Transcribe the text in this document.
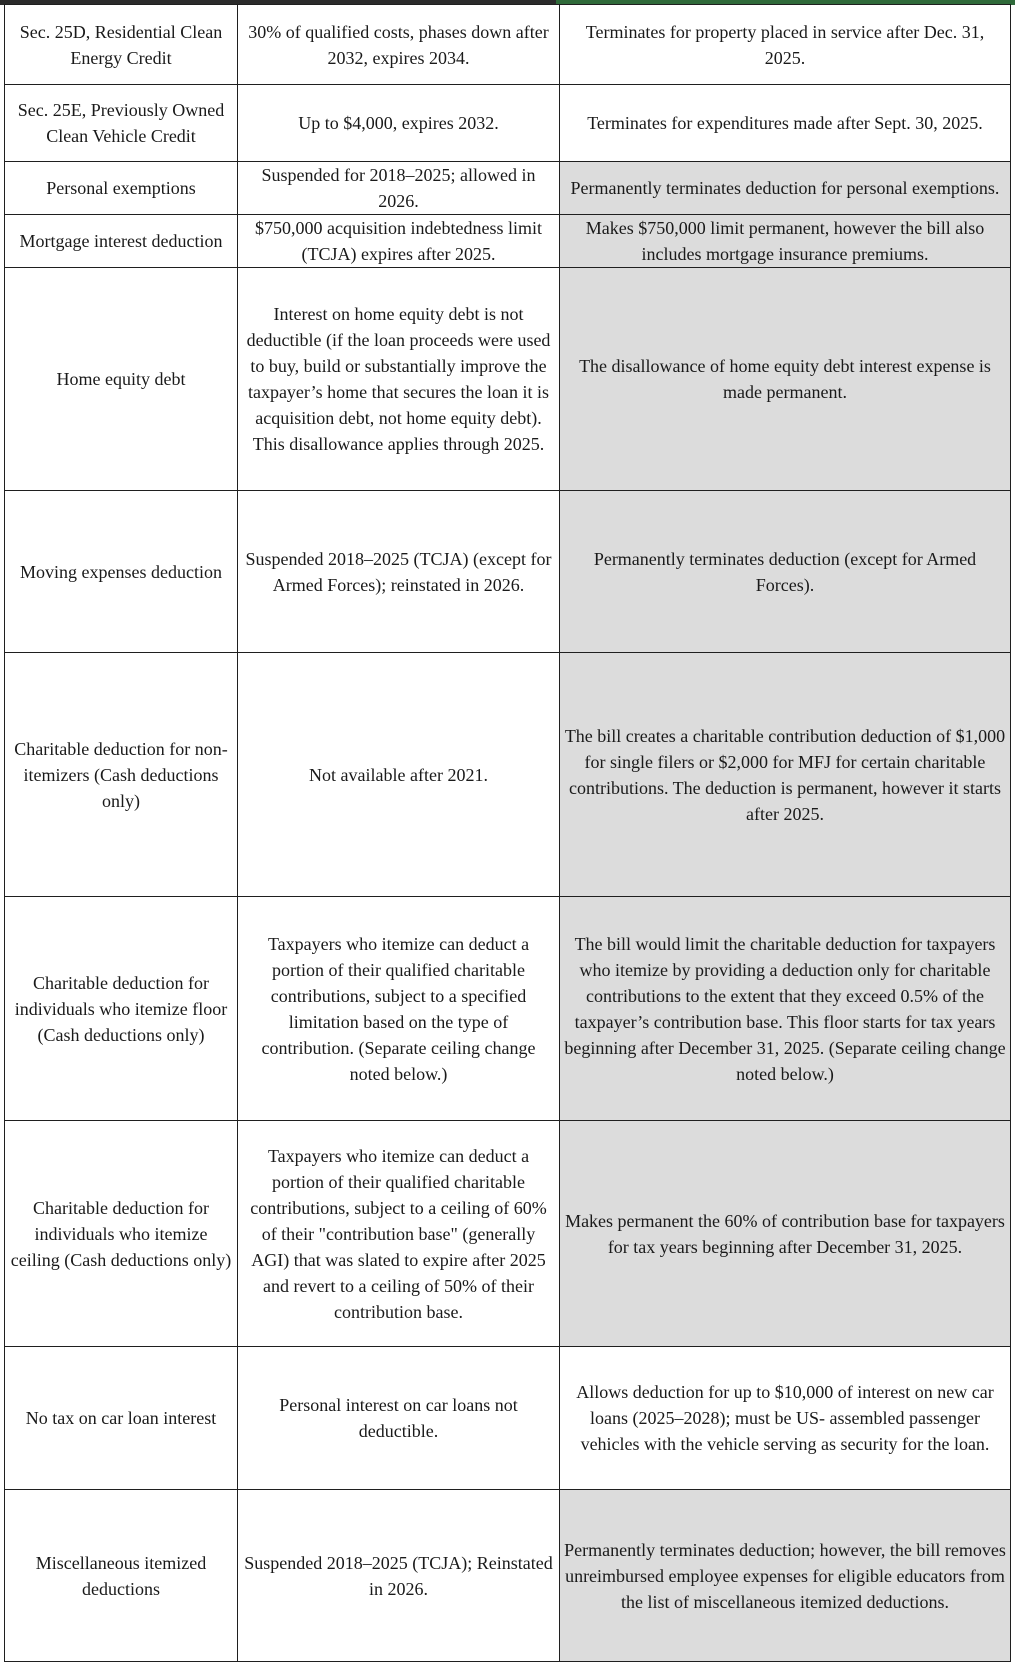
Sec. 25D, Residential Clean Energy Credit	30% of qualified costs, phases down after 2032, expires 2034.	Terminates for property placed in service after Dec. 31, 2025.
Sec. 25E, Previously Owned Clean Vehicle Credit	Up to $4,000, expires 2032.	Terminates for expenditures made after Sept. 30, 2025.
Personal exemptions	Suspended for 2018–2025; allowed in 2026.	Permanently terminates deduction for personal exemptions.
Mortgage interest deduction	$750,000 acquisition indebtedness limit (TCJA) expires after 2025.	Makes $750,000 limit permanent, however the bill also includes mortgage insurance premiums.
Home equity debt	Interest on home equity debt is not deductible (if the loan proceeds were used to buy, build or substantially improve the taxpayer’s home that secures the loan it is acquisition debt, not home equity debt). This disallowance applies through 2025.	The disallowance of home equity debt interest expense is made permanent.
Moving expenses deduction	Suspended 2018–2025 (TCJA) (except for Armed Forces); reinstated in 2026.	Permanently terminates deduction (except for Armed Forces).
Charitable deduction for non- itemizers (Cash deductions only)	Not available after 2021.	The bill creates a charitable contribution deduction of $1,000 for single filers or $2,000 for MFJ for certain charitable contributions. The deduction is permanent, however it starts after 2025.
Charitable deduction for individuals who itemize floor (Cash deductions only)	Taxpayers who itemize can deduct a portion of their qualified charitable contributions, subject to a specified limitation based on the type of contribution. (Separate ceiling change noted below.)	The bill would limit the charitable deduction for taxpayers who itemize by providing a deduction only for charitable contributions to the extent that they exceed 0.5% of the taxpayer’s contribution base. This floor starts for tax years beginning after December 31, 2025. (Separate ceiling change noted below.)
Charitable deduction for individuals who itemize ceiling (Cash deductions only)	Taxpayers who itemize can deduct a portion of their qualified charitable contributions, subject to a ceiling of 60% of their "contribution base" (generally AGI) that was slated to expire after 2025 and revert to a ceiling of 50% of their contribution base.	Makes permanent the 60% of contribution base for taxpayers for tax years beginning after December 31, 2025.
No tax on car loan interest	Personal interest on car loans not deductible.	Allows deduction for up to $10,000 of interest on new car loans (2025–2028); must be US- assembled passenger vehicles with the vehicle serving as security for the loan.
Miscellaneous itemized deductions	Suspended 2018–2025 (TCJA); Reinstated in 2026.	Permanently terminates deduction; however, the bill removes unreimbursed employee expenses for eligible educators from the list of miscellaneous itemized deductions.
